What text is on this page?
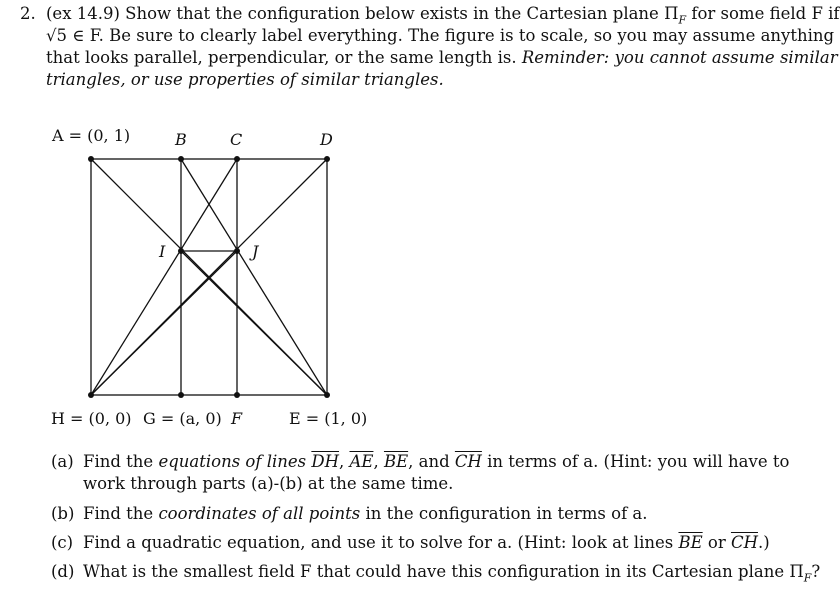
2. (ex 14.9) Show that the configuration below exists in the Cartesian plane $\Pi_F$ for some field F if
√5 ∈ F. Be sure to clearly label everything. The figure is to scale, so you may assume anything
that looks parallel, perpendicular, or the same length is. Reminder: you cannot assume similar
triangles, or use properties of similar triangles.
A = (0, 1)	B	C	D
I	J
H = (0, 0) G = (a, 0) F	E = (1, 0)
(a) Find the equations of lines $\overline{DH}$, $\overline{AE}$, $\overline{BE}$, and $\overline{CH}$ in terms of a. (Hint: you will have to
work through parts (a)-(b) at the same time.
(b) Find the coordinates of all points in the configuration in terms of a.
(c) Find a quadratic equation, and use it to solve for a. (Hint: look at lines $\overline{BE}$ or $\overline{CH}$.)
(d) What is the smallest field F that could have this configuration in its Cartesian plane $\Pi_F$?
